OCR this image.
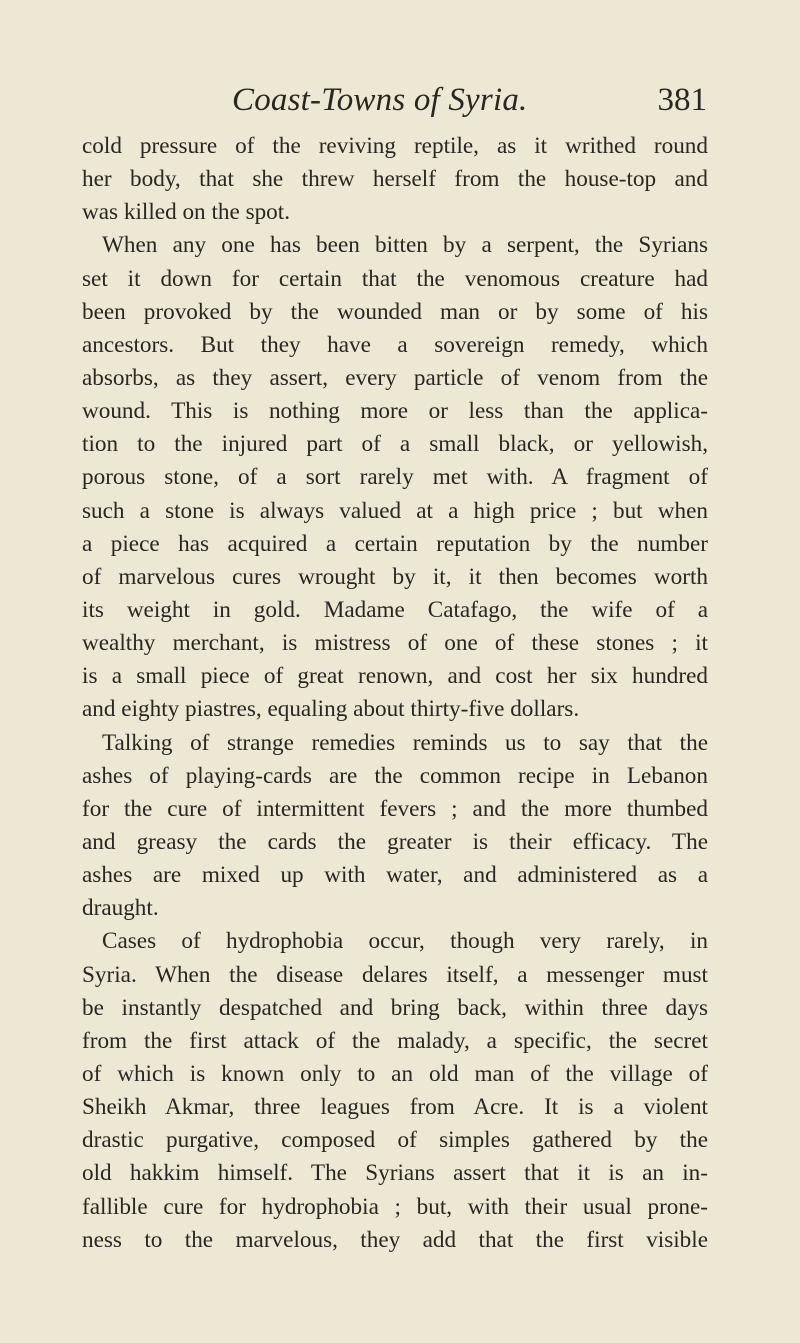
Coast-Towns of Syria.	381
cold pressure of the reviving reptile, as it writhed round
her body, that she threw herself from the house-top and
was killed on the spot.
When any one has been bitten by a serpent, the Syrians
set it down for certain that the venomous creature had
been provoked by the wounded man or by some of his
ancestors. But they have a sovereign remedy, which
absorbs, as they assert, every particle of venom from the
wound. This is nothing more or less than the applica-
tion to the injured part of a small black, or yellowish,
porous stone, of a sort rarely met with. A fragment of
such a stone is always valued at a high price ; but when
a piece has acquired a certain reputation by the number
of marvelous cures wrought by it, it then becomes worth
its weight in gold. Madame Catafago, the wife of a
wealthy merchant, is mistress of one of these stones ; it
is a small piece of great renown, and cost her six hundred
and eighty piastres, equaling about thirty-five dollars.
Talking of strange remedies reminds us to say that the
ashes of playing-cards are the common recipe in Lebanon
for the cure of intermittent fevers ; and the more thumbed
and greasy the cards the greater is their efficacy. The
ashes are mixed up with water, and administered as a
draught.
Cases of hydrophobia occur, though very rarely, in
Syria. When the disease delares itself, a messenger must
be instantly despatched and bring back, within three days
from the first attack of the malady, a specific, the secret
of which is known only to an old man of the village of
Sheikh Akmar, three leagues from Acre. It is a violent
drastic purgative, composed of simples gathered by the
old hakkim himself. The Syrians assert that it is an in-
fallible cure for hydrophobia ; but, with their usual prone-
ness to the marvelous, they add that the first visible
